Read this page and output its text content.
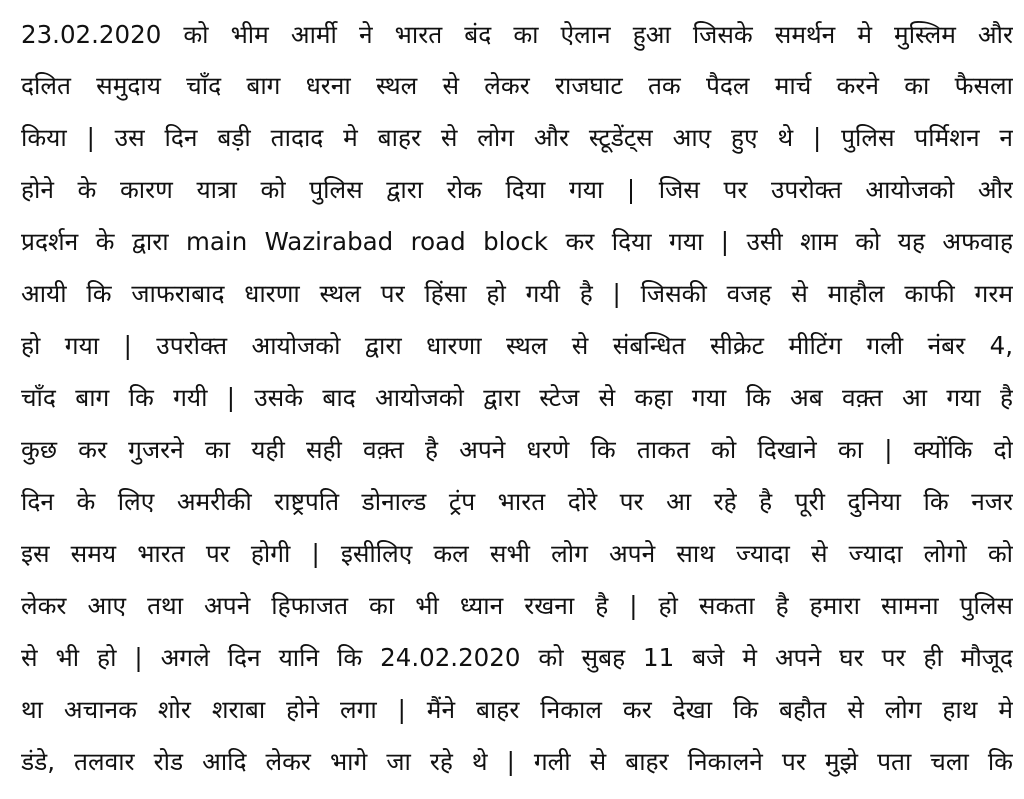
23.02.2020 को भीम आर्मी ने भारत बंद का ऐलान हुआ जिसके समर्थन मे मुस्लिम और
दलित समुदाय चाँद बाग धरना स्थल से लेकर राजघाट तक पैदल मार्च करने का फैसला
किया | उस दिन बड़ी तादाद मे बाहर से लोग और स्टूडेंट्स आए हुए थे | पुलिस पर्मिशन न
होने के कारण यात्रा को पुलिस द्वारा रोक दिया गया | जिस पर उपरोक्त आयोजको और
प्रदर्शन के द्वारा main Wazirabad road block कर दिया गया | उसी शाम को यह अफवाह
आयी कि जाफराबाद धारणा स्थल पर हिंसा हो गयी है | जिसकी वजह से माहौल काफी गरम
हो गया | उपरोक्त आयोजको द्वारा धारणा स्थल से संबन्धित सीक्रेट मीटिंग गली नंबर 4,
चाँद बाग कि गयी | उसके बाद आयोजको द्वारा स्टेज से कहा गया कि अब वक़्त आ गया है
कुछ कर गुजरने का यही सही वक़्त है अपने धरणे कि ताकत को दिखाने का | क्योंकि दो
दिन के लिए अमरीकी राष्ट्रपति डोनाल्ड ट्रंप भारत दोरे पर आ रहे है पूरी दुनिया कि नजर
इस समय भारत पर होगी | इसीलिए कल सभी लोग अपने साथ ज्यादा से ज्यादा लोगो को
लेकर आए तथा अपने हिफाजत का भी ध्यान रखना है | हो सकता है हमारा सामना पुलिस
से भी हो | अगले दिन यानि कि 24.02.2020 को सुबह 11 बजे मे अपने घर पर ही मौजूद
था अचानक शोर शराबा होने लगा | मैंने बाहर निकाल कर देखा कि बहौत से लोग हाथ मे
डंडे, तलवार रोड आदि लेकर भागे जा रहे थे | गली से बाहर निकालने पर मुझे पता चला कि
